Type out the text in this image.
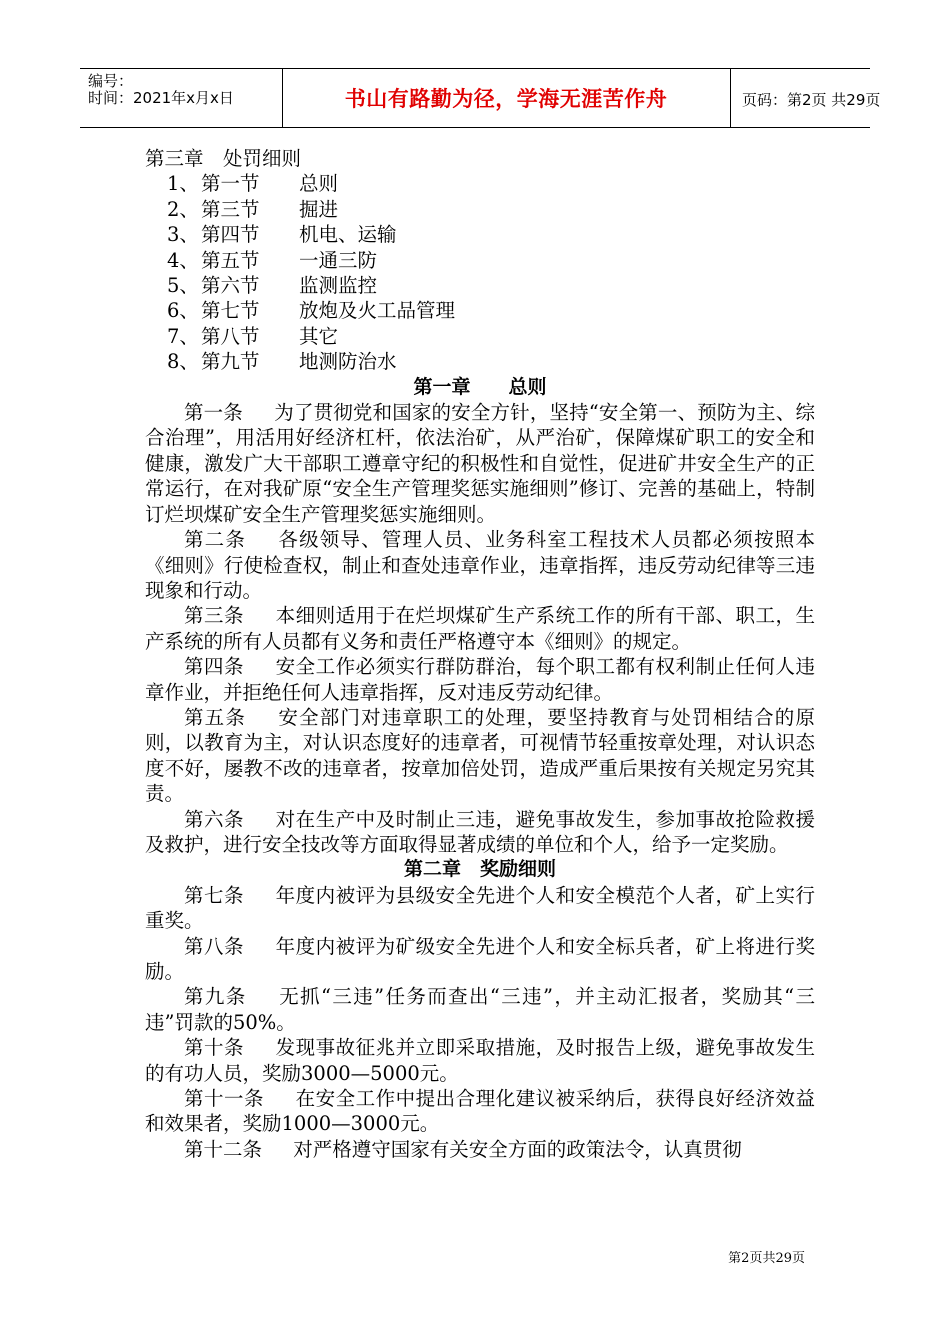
编号：
时间：2021年x月x日	书山有路勤为径，学海无涯苦作舟	页码：第2页 共29页
第三章　处罚细则
1、 第一节 总则
2、 第三节 掘进
3、 第四节 机电、运输
4、 第五节 一通三防
5、 第六节 监测监控
6、 第七节 放炮及火工品管理
7、 第八节 其它
8、 第九节 地测防治水
第一章　　总则
第一条 为了贯彻党和国家的安全方针，坚持“安全第一、预防为主、综合治理”，用活用好经济杠杆，依法治矿，从严治矿，保障煤矿职工的安全和健康，激发广大干部职工遵章守纪的积极性和自觉性，促进矿井安全生产的正常运行，在对我矿原“安全生产管理奖惩实施细则”修订、完善的基础上，特制订烂坝煤矿安全生产管理奖惩实施细则。
第二条 各级领导、管理人员、业务科室工程技术人员都必须按照本《细则》行使检查权，制止和查处违章作业，违章指挥，违反劳动纪律等三违现象和行动。
第三条 本细则适用于在烂坝煤矿生产系统工作的所有干部、职工，生产系统的所有人员都有义务和责任严格遵守本《细则》的规定。
第四条 安全工作必须实行群防群治，每个职工都有权利制止任何人违章作业，并拒绝任何人违章指挥，反对违反劳动纪律。
第五条 安全部门对违章职工的处理，要坚持教育与处罚相结合的原则，以教育为主，对认识态度好的违章者，可视情节轻重按章处理，对认识态度不好，屡教不改的违章者，按章加倍处罚，造成严重后果按有关规定另究其责。
第六条 对在生产中及时制止三违，避免事故发生，参加事故抢险救援及救护，进行安全技改等方面取得显著成绩的单位和个人，给予一定奖励。
第二章　奖励细则
第七条 年度内被评为县级安全先进个人和安全模范个人者，矿上实行重奖。
第八条 年度内被评为矿级安全先进个人和安全标兵者，矿上将进行奖励。
第九条 无抓“三违”任务而查出“三违”，并主动汇报者，奖励其“三违”罚款的50%。
第十条 发现事故征兆并立即采取措施，及时报告上级，避免事故发生的有功人员，奖励3000—5000元。
第十一条 在安全工作中提出合理化建议被采纳后，获得良好经济效益和效果者，奖励1000—3000元。
第十二条 对严格遵守国家有关安全方面的政策法令，认真贯彻
第2页共29页
